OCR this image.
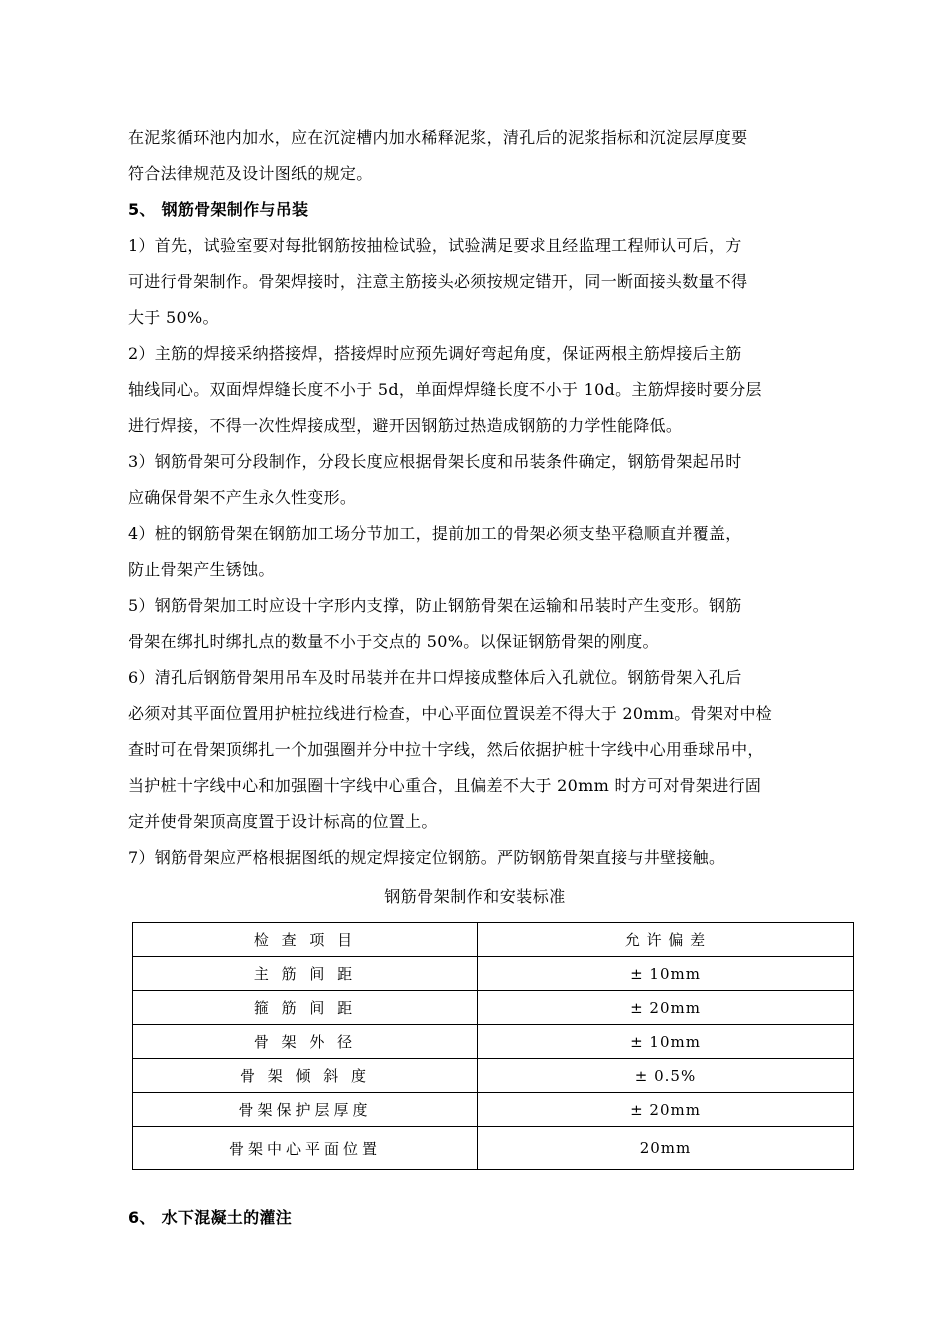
在泥浆循环池内加水，应在沉淀槽内加水稀释泥浆，清孔后的泥浆指标和沉淀层厚度要
符合法律规范及设计图纸的规定。
5、 钢筋骨架制作与吊装
1）首先，试验室要对每批钢筋按抽检试验，试验满足要求且经监理工程师认可后，方
可进行骨架制作。骨架焊接时，注意主筋接头必须按规定错开，同一断面接头数量不得
大于 50%。
2）主筋的焊接采纳搭接焊，搭接焊时应预先调好弯起角度，保证两根主筋焊接后主筋
轴线同心。双面焊焊缝长度不小于 5d，单面焊焊缝长度不小于 10d。主筋焊接时要分层
进行焊接，不得一次性焊接成型，避开因钢筋过热造成钢筋的力学性能降低。
3）钢筋骨架可分段制作，分段长度应根据骨架长度和吊装条件确定，钢筋骨架起吊时
应确保骨架不产生永久性变形。
4）桩的钢筋骨架在钢筋加工场分节加工，提前加工的骨架必须支垫平稳顺直并覆盖，
防止骨架产生锈蚀。
5）钢筋骨架加工时应设十字形内支撑，防止钢筋骨架在运输和吊装时产生变形。钢筋
骨架在绑扎时绑扎点的数量不小于交点的 50%。以保证钢筋骨架的刚度。
6）清孔后钢筋骨架用吊车及时吊装并在井口焊接成整体后入孔就位。钢筋骨架入孔后
必须对其平面位置用护桩拉线进行检查，中心平面位置误差不得大于 20mm。骨架对中检
查时可在骨架顶绑扎一个加强圈并分中拉十字线，然后依据护桩十字线中心用垂球吊中，
当护桩十字线中心和加强圈十字线中心重合，且偏差不大于 20mm 时方可对骨架进行固
定并使骨架顶高度置于设计标高的位置上。
7）钢筋骨架应严格根据图纸的规定焊接定位钢筋。严防钢筋骨架直接与井壁接触。
钢筋骨架制作和安装标准
检 查 项 目	允 许 偏 差
主 筋 间 距	± 10mm
箍 筋 间 距	± 20mm
骨 架 外 径	± 10mm
骨 架 倾 斜 度	± 0.5%
骨架保护层厚度	± 20mm
骨架中心平面位置	20mm
6、 水下混凝土的灌注
